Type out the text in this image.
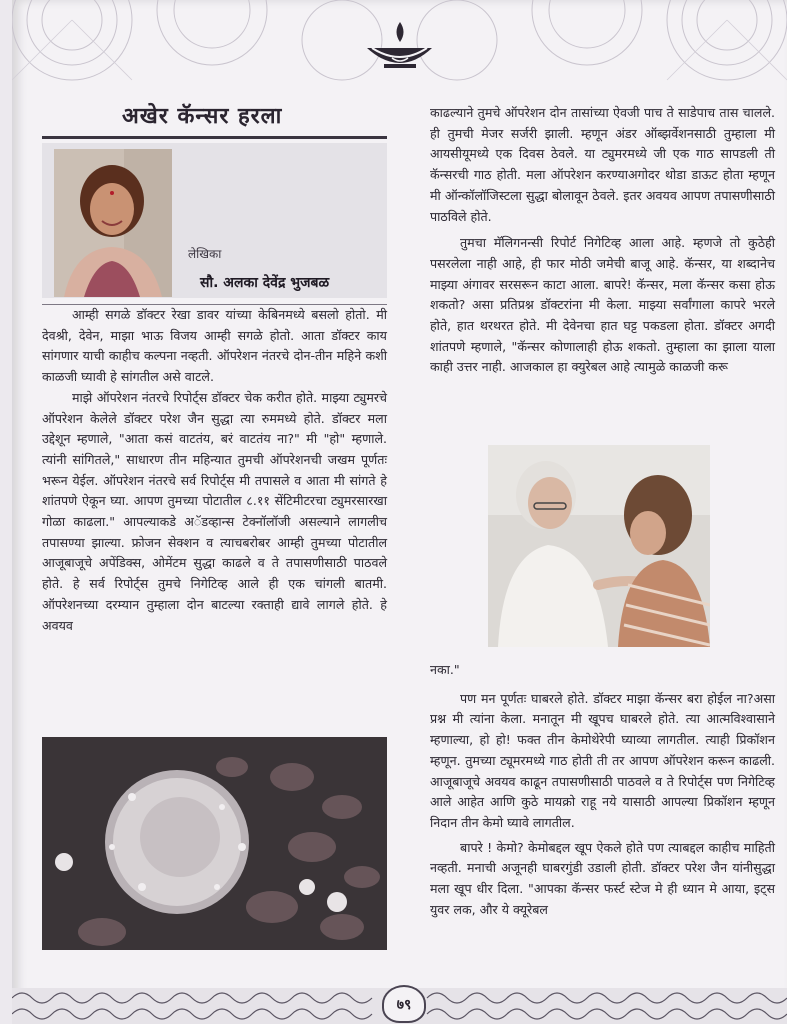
अखेर कॅन्सर हरला
लेखिका
सौ. अलका देवेंद्र भुजबळ

आम्ही सगळे डॉक्टर रेखा डावर यांच्या केबिनमध्ये बसलो होतो. मी देवश्री, देवेन, माझा भाऊ विजय आम्ही सगळे होतो. आता डॉक्टर काय सांगणार याची काहीच कल्पना नव्हती. ऑपरेशन नंतरचे दोन-तीन महिने कशी काळजी घ्यावी हे सांगतील असे वाटले.

माझे ऑपरेशन नंतरचे रिपोर्ट्स डॉक्टर चेक करीत होते. माझ्या ट्युमरचे ऑपरेशन केलेले डॉक्टर परेश जैन सुद्धा त्या रुममध्ये होते. डॉक्टर मला उद्देशून म्हणाले, "आता कसं वाटतंय, बरं वाटतंय ना?" मी "हो" म्हणाले. त्यांनी सांगितले," साधारण तीन महिन्यात तुमची ऑपरेशनची जखम पूर्णतः भरून येईल. ऑपरेशन नंतरचे सर्व रिपोर्ट्स मी तपासले व आता मी सांगते हे शांतपणे ऐकून घ्या. आपण तुमच्या पोटातील ८.११ सेंटिमीटरचा ट्युमरसारखा गोळा काढला." आपल्याकडे अॅडव्हान्स टेक्नॉलॉजी असल्याने लागलीच तपासण्या झाल्या. फ्रोजन सेक्शन व त्याचबरोबर आम्ही तुमच्या पोटातील आजूबाजूचे अपेंडिक्स, ओमेंटम सुद्धा काढले व ते तपासणीसाठी पाठवले होते. हे सर्व रिपोर्ट्स तुमचे निगेटिव्ह आले ही एक चांगली बातमी. ऑपरेशनच्या दरम्यान तुम्हाला दोन बाटल्या रक्ताही द्यावे लागले होते. हे अवयव

काढल्याने तुमचे ऑपरेशन दोन तासांच्या ऐवजी पाच ते साडेपाच तास चालले. ही तुमची मेजर सर्जरी झाली. म्हणून अंडर ऑब्झर्वेशनसाठी तुम्हाला मी आयसीयूमध्ये एक दिवस ठेवले. या ट्युमरमध्ये जी एक गाठ सापडली ती कॅन्सरची गाठ होती. मला ऑपरेशन करण्याअगोदर थोडा डाऊट होता म्हणून मी ऑन्कॉलॉजिस्टला सुद्धा बोलावून ठेवले. इतर अवयव आपण तपासणीसाठी पाठविले होते.

तुमचा मॅलिगनन्सी रिपोर्ट निगेटिव्ह आला आहे. म्हणजे तो कुठेही पसरलेला नाही आहे, ही फार मोठी जमेची बाजू आहे. कॅन्सर, या शब्दानेच माझ्या अंगावर सरसरून काटा आला. बापरे! कॅन्सर, मला कॅन्सर कसा होऊ शकतो? असा प्रतिप्रश्न डॉक्टरांना मी केला. माझ्या सर्वांगाला कापरे भरले होते, हात थरथरत होते. मी देवेनचा हात घट्ट पकडला होता. डॉक्टर अगदी शांतपणे म्हणाले, "कॅन्सर कोणालाही होऊ शकतो. तुम्हाला का झाला याला काही उत्तर नाही. आजकाल हा क्युरेबल आहे त्यामुळे काळजी करू

नका."

पण मन पूर्णतः घाबरले होते. डॉक्टर माझा कॅन्सर बरा होईल ना?असा प्रश्न मी त्यांना केला. मनातून मी खूपच घाबरले होते. त्या आत्मविश्वासाने म्हणाल्या, हो हो! फक्त तीन केमोथेरेपी घ्याव्या लागतील. त्याही प्रिकॉशन म्हणून. तुमच्या ट्यूमरमध्ये गाठ होती ती तर आपण ऑपरेशन करून काढली. आजूबाजूचे अवयव काढून तपासणीसाठी पाठवले व ते रिपोर्ट्स पण निगेटिव्ह आले आहेत आणि कुठे मायक्रो राहू नये यासाठी आपल्या प्रिकॉशन म्हणून निदान तीन केमो घ्यावे लागतील.

बापरे ! केमो? केमोबद्दल खूप ऐकले होते पण त्याबद्दल काहीच माहिती नव्हती. मनाची अजूनही घाबरगुंडी उडाली होती. डॉक्टर परेश जैन यांनीसुद्धा मला खूप धीर दिला. "आपका कॅन्सर फर्स्ट स्टेज मे ही ध्यान मे आया, इट्स युवर लक, और ये क्यूरेबल

७९
